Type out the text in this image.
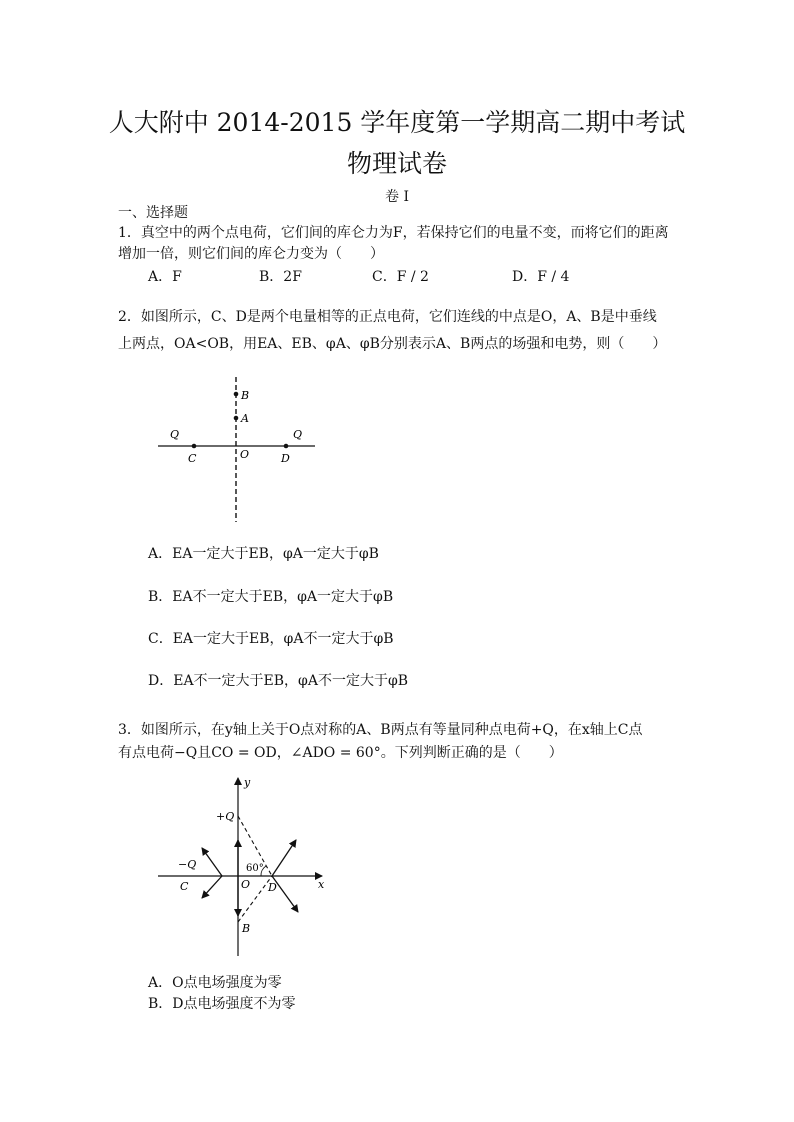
人大附中 2014-2015 学年度第一学期高二期中考试
物理试卷
卷 I
一、选择题
1．真空中的两个点电荷，它们间的库仑力为F，若保持它们的电量不变，而将它们的距离
增加一倍，则它们间的库仑力变为（　　）
A．F	B．2F	C．F / 2	D．F / 4
2．如图所示，C、D是两个电量相等的正点电荷，它们连线的中点是O，A、B是中垂线
上两点，OA<OB，用EA、EB、φA、φB分别表示A、B两点的场强和电势，则（　　）
B
A
Q	Q
C	O	D
A．EA一定大于EB，φA一定大于φB
B．EA不一定大于EB，φA一定大于φB
C．EA一定大于EB，φA不一定大于φB
D．EA不一定大于EB，φA不一定大于φB
3．如图所示，在y轴上关于O点对称的A、B两点有等量同种点电荷+Q，在x轴上C点
有点电荷−Q且CO = OD，∠ADO = 60°。下列判断正确的是（　　）
y
+Q
−Q	60°
C	O D	x
B
A．O点电场强度为零
B．D点电场强度不为零
